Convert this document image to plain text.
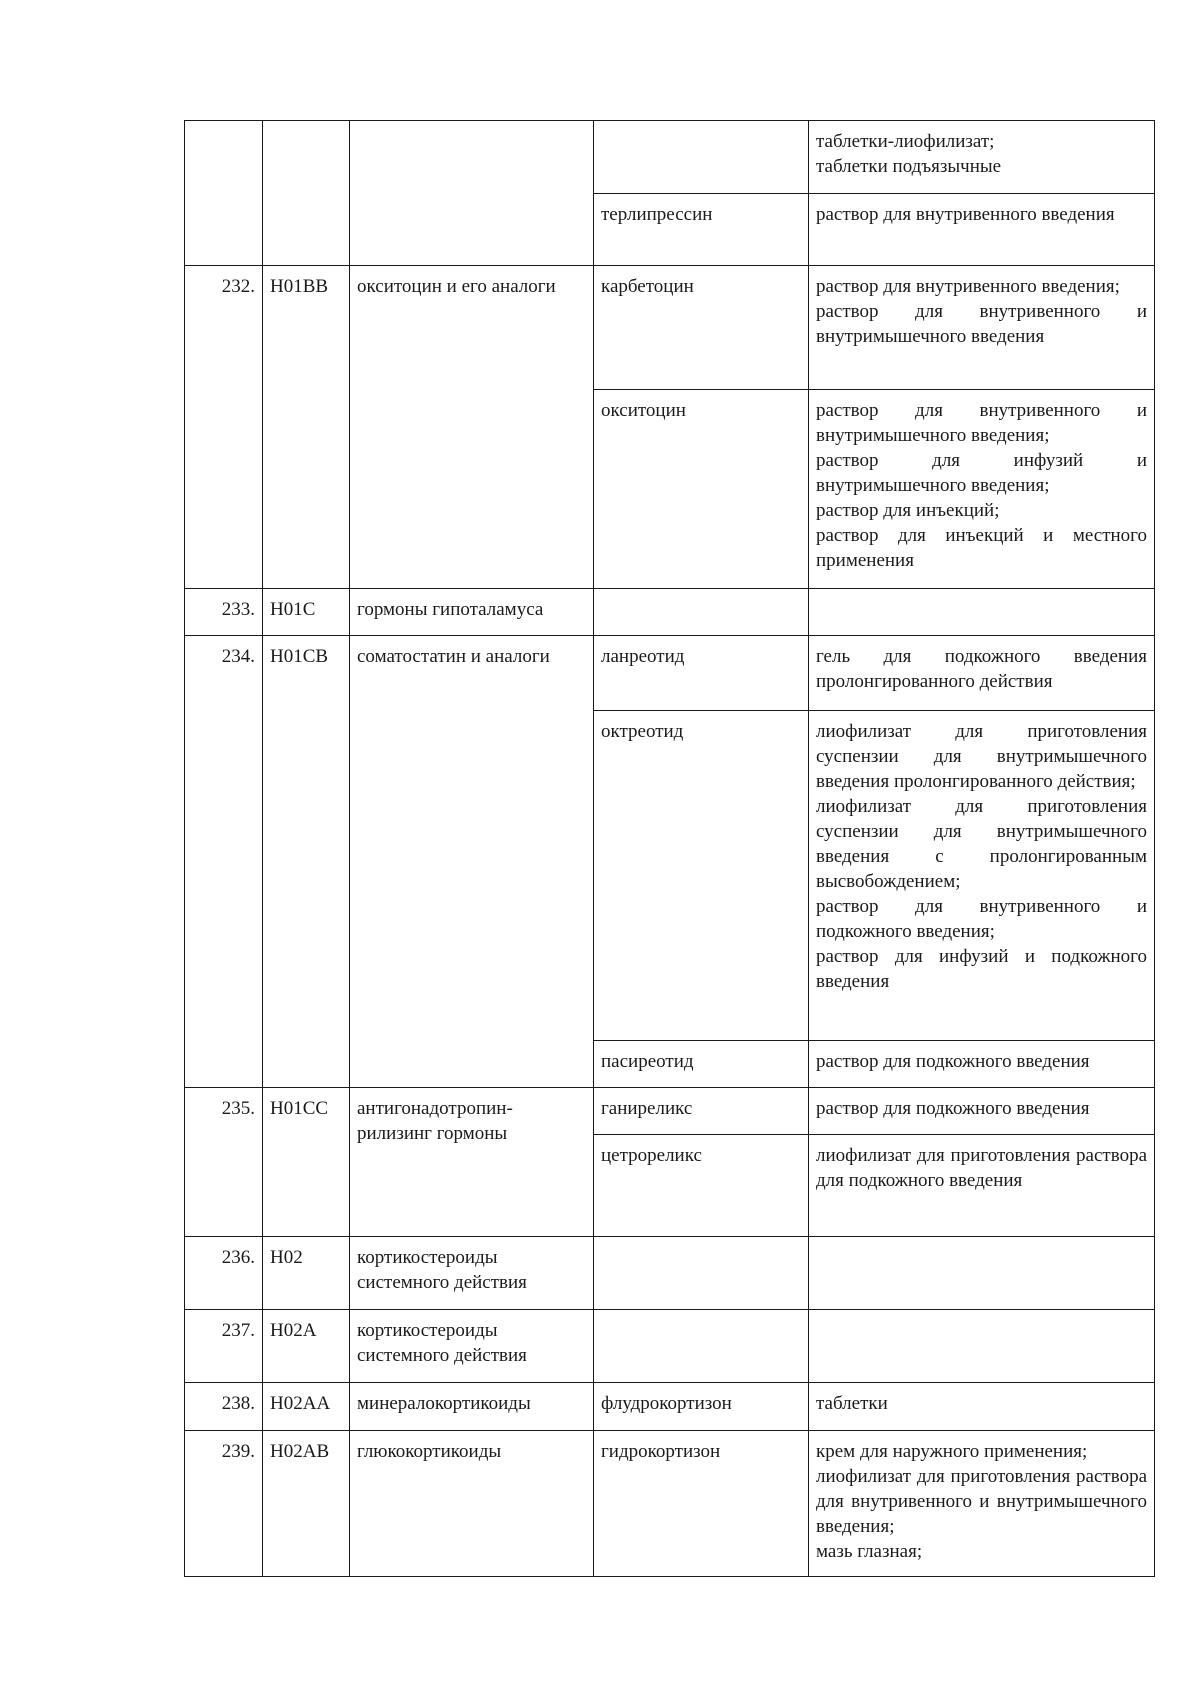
				таблетки-лиофилизат;
таблетки подъязычные

			терлипрессин	раствор для внутривенного введения

232.	H01BB	окситоцин и его аналоги	карбетоцин	раствор для внутривенного введения;
раствор для внутривенного и внутримышечного введения

			окситоцин	раствор для внутривенного и внутримышечного введения;
раствор для инфузий и внутримышечного введения;
раствор для инъекций;
раствор для инъекций и местного применения

233.	H01C	гормоны гипоталамуса		
234.	H01CB	соматостатин и аналоги	ланреотид	гель для подкожного введения пролонгированного действия

			октреотид	лиофилизат для приготовления суспензии для внутримышечного введения пролонгированного действия;
лиофилизат для приготовления суспензии для внутримышечного введения с пролонгированным высвобождением;
раствор для внутривенного и подкожного введения;
раствор для инфузий и подкожного введения

			пасиреотид	раствор для подкожного введения

235.	H01CC	антигонадотропин-рилизинг гормоны	ганиреликс	раствор для подкожного введения

			цетрореликс	лиофилизат для приготовления раствора для подкожного введения

236.	H02	кортикостероиды системного действия		
237.	H02A	кортикостероиды системного действия		
238.	H02AA	минералокортикоиды	флудрокортизон	таблетки

239.	H02AB	глюкокортикоиды	гидрокортизон	крем для наружного применения;
лиофилизат для приготовления раствора для внутривенного и внутримышечного введения;
мазь глазная;
